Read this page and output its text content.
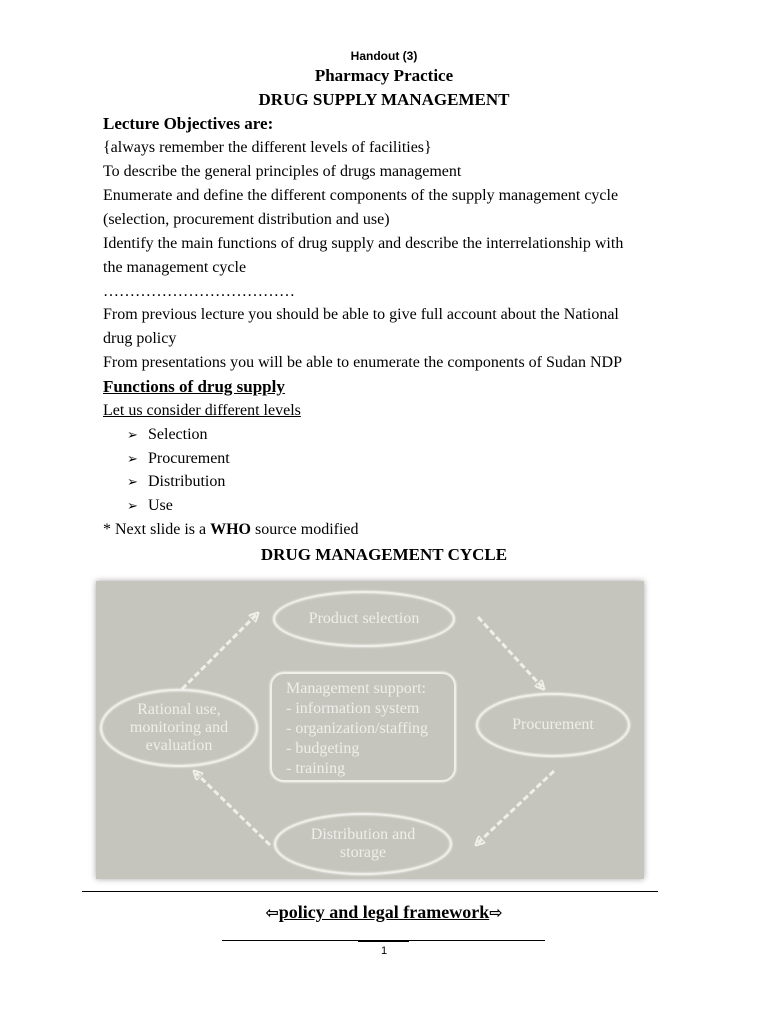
Handout (3)
Pharmacy Practice
DRUG SUPPLY MANAGEMENT
Lecture Objectives are:
{always remember the different levels of facilities}
To describe the general principles of drugs management
Enumerate and define the different components of the supply management cycle
(selection, procurement distribution and use)
Identify the main functions of drug supply and describe the interrelationship with
the management cycle
………………………………
From previous lecture you should be able to give full account about the National
drug policy
From presentations you will be able to enumerate the components of Sudan NDP
Functions of drug supply
Let us consider different levels
➢ Selection
➢ Procurement
➢ Distribution
➢ Use
* Next slide is a WHO source modified
DRUG MANAGEMENT CYCLE
Product selection
Procurement
Distribution and
storage
Rational use,
monitoring and
evaluation
Management support:
- information system
- organization/staffing
- budgeting
- training
⇦policy and legal framework⇨
1
